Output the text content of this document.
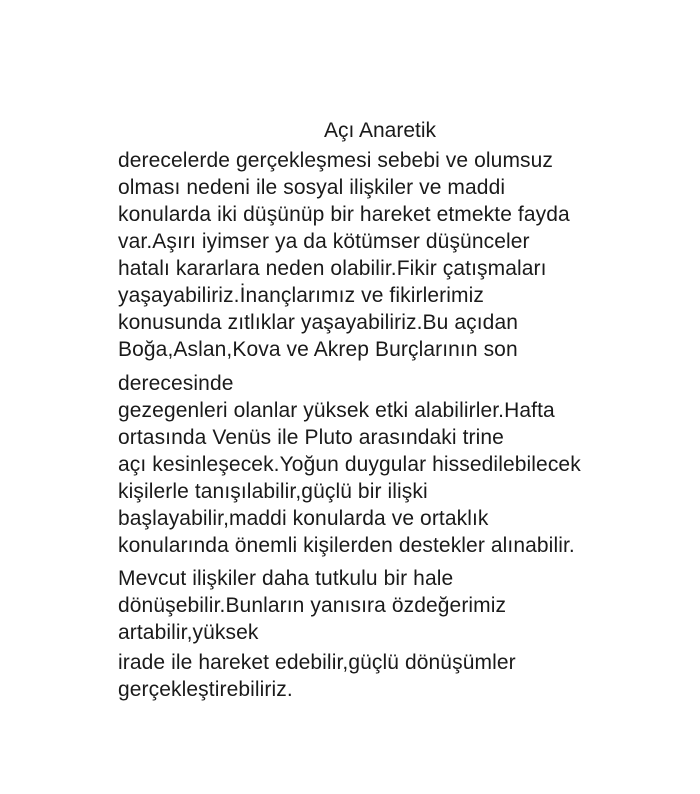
Açı Anaretik
derecelerde gerçekleşmesi sebebi ve olumsuz
olması nedeni ile sosyal ilişkiler ve maddi
konularda iki düşünüp bir hareket etmekte fayda
var.Aşırı iyimser ya da kötümser düşünceler
hatalı kararlara neden olabilir.Fikir çatışmaları
yaşayabiliriz.İnançlarımız ve fikirlerimiz
konusunda zıtlıklar yaşayabiliriz.Bu açıdan
Boğa,Aslan,Kova ve Akrep Burçlarının son
derecesinde
gezegenleri olanlar yüksek etki alabilirler.Hafta
ortasında Venüs ile Pluto arasındaki trine
açı kesinleşecek.Yoğun duygular hissedilebilecek
kişilerle tanışılabilir,güçlü bir ilişki
başlayabilir,maddi konularda ve ortaklık
konularında önemli kişilerden destekler alınabilir.
Mevcut ilişkiler daha tutkulu bir hale
dönüşebilir.Bunların yanısıra özdeğerimiz
artabilir,yüksek
irade ile hareket edebilir,güçlü dönüşümler
gerçekleştirebiliriz.
